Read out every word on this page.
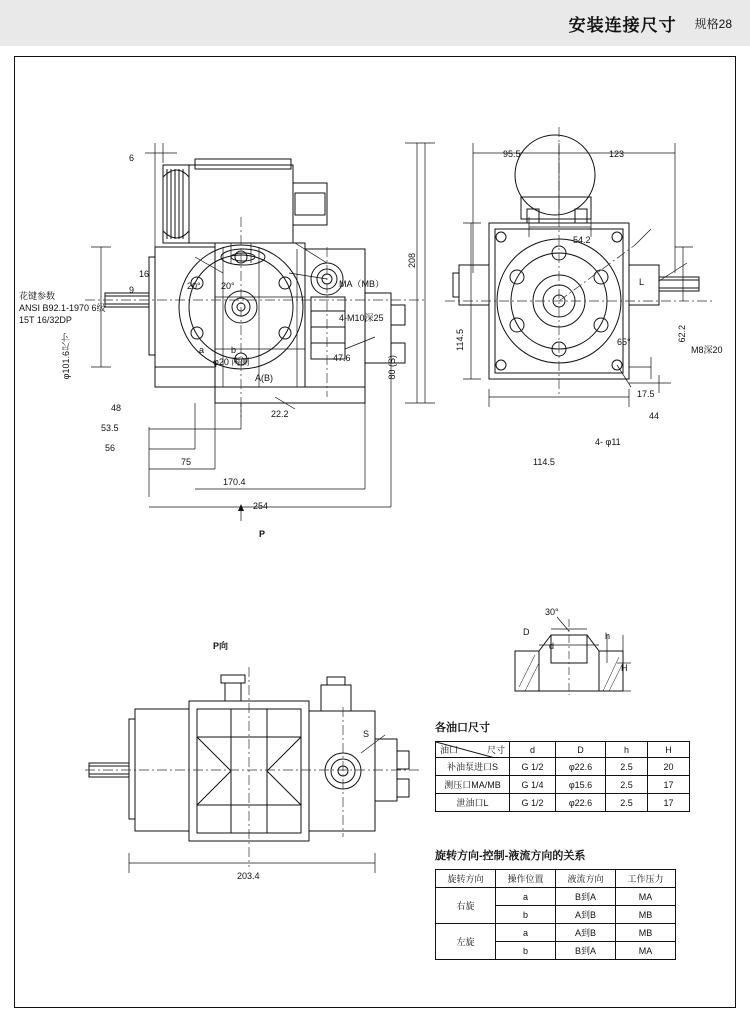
安装连接尺寸 规格28
花键参数
ANSI B92.1-1970 6级
15T 16/32DP
6
9
16
20° 20°
φ20 两侧
A(B)
a	b
MA（MB）
4-M10深25
47.6
22.2
80 (S)
208
φ101.6尺寸
48
53.5
56
75
170.4
254
P
95.5	123
54.2
L
65°	62.2
M8深20
114.5
17.5
44
4- φ11
114.5
P向
S
203.4
30°
D
d
h
H
各油口尺寸
油口 尺寸	d	D	h	H
补油泵进口S	G 1/2	φ22.6	2.5	20
测压口MA/MB	G 1/4	φ15.6	2.5	17
泄油口L	G 1/2	φ22.6	2.5	17
旋转方向-控制-液流方向的关系
旋转方向	操作位置	液流方向	工作压力
右旋	a	B到A	MA
	b	A到B	MB
左旋	a	A到B	MB
	b	B到A	MA
